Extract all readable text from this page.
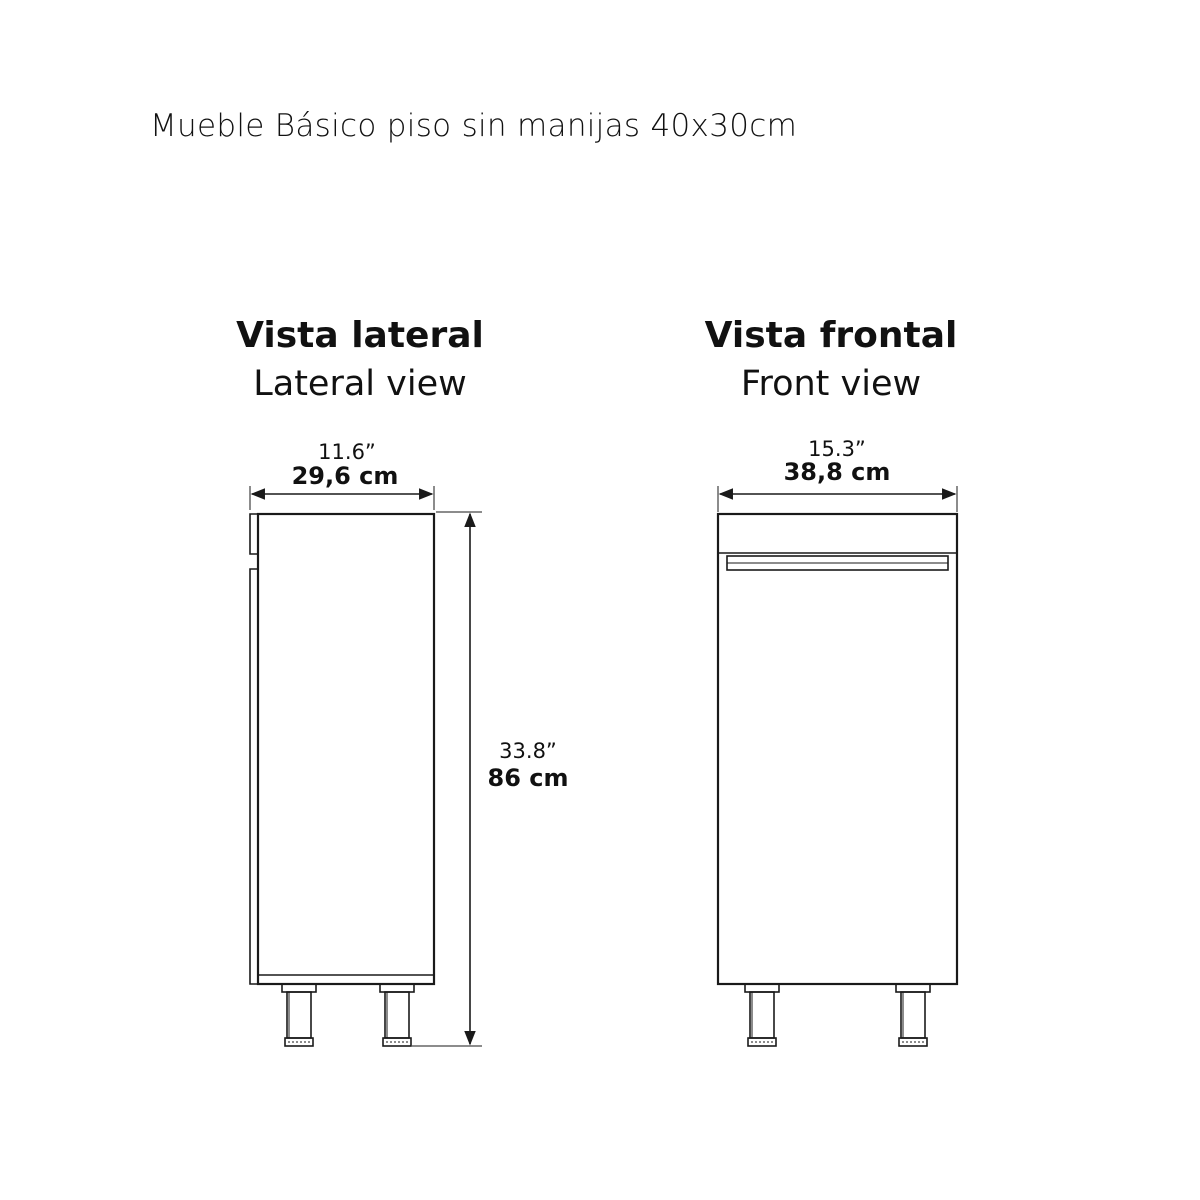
Mueble Básico piso sin manijas 40x30cm
Vista lateral
Lateral view
11.6”
29,6 cm
33.8”
86 cm
Vista frontal
Front view
15.3”
38,8 cm
